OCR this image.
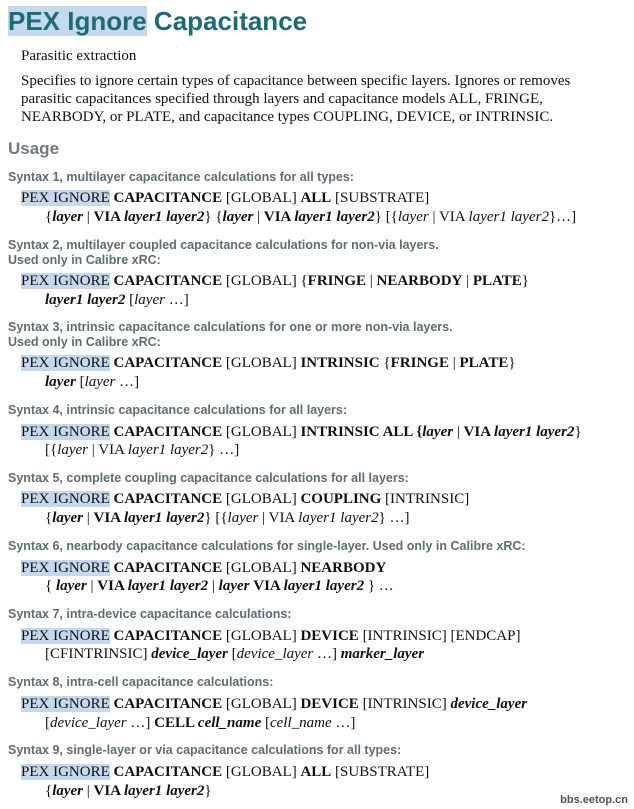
PEX Ignore Capacitance
Parasitic extraction
Specifies to ignore certain types of capacitance between specific layers. Ignores or removes parasitic capacitances specified through layers and capacitance models ALL, FRINGE, NEARBODY, or PLATE, and capacitance types COUPLING, DEVICE, or INTRINSIC.
Usage
Syntax 1, multilayer capacitance calculations for all types:
PEX IGNORE CAPACITANCE [GLOBAL] ALL [SUBSTRATE]
{layer | VIA layer1 layer2} {layer | VIA layer1 layer2} [{layer | VIA layer1 layer2}…]
Syntax 2, multilayer coupled capacitance calculations for non-via layers.
Used only in Calibre xRC:
PEX IGNORE CAPACITANCE [GLOBAL] {FRINGE | NEARBODY | PLATE}
layer1 layer2 [layer …]
Syntax 3, intrinsic capacitance calculations for one or more non-via layers.
Used only in Calibre xRC:
PEX IGNORE CAPACITANCE [GLOBAL] INTRINSIC {FRINGE | PLATE}
layer [layer …]
Syntax 4, intrinsic capacitance calculations for all layers:
PEX IGNORE CAPACITANCE [GLOBAL] INTRINSIC ALL {layer | VIA layer1 layer2}
[{layer | VIA layer1 layer2} …]
Syntax 5, complete coupling capacitance calculations for all layers:
PEX IGNORE CAPACITANCE [GLOBAL] COUPLING [INTRINSIC]
{layer | VIA layer1 layer2} [{layer | VIA layer1 layer2} …]
Syntax 6, nearbody capacitance calculations for single-layer. Used only in Calibre xRC:
PEX IGNORE CAPACITANCE [GLOBAL] NEARBODY
{ layer | VIA layer1 layer2 | layer VIA layer1 layer2 } …
Syntax 7, intra-device capacitance calculations:
PEX IGNORE CAPACITANCE [GLOBAL] DEVICE [INTRINSIC] [ENDCAP]
[CFINTRINSIC] device_layer [device_layer …] marker_layer
Syntax 8, intra-cell capacitance calculations:
PEX IGNORE CAPACITANCE [GLOBAL] DEVICE [INTRINSIC] device_layer
[device_layer …] CELL cell_name [cell_name …]
Syntax 9, single-layer or via capacitance calculations for all types:
PEX IGNORE CAPACITANCE [GLOBAL] ALL [SUBSTRATE]
{layer | VIA layer1 layer2}
bbs.eetop.cn
